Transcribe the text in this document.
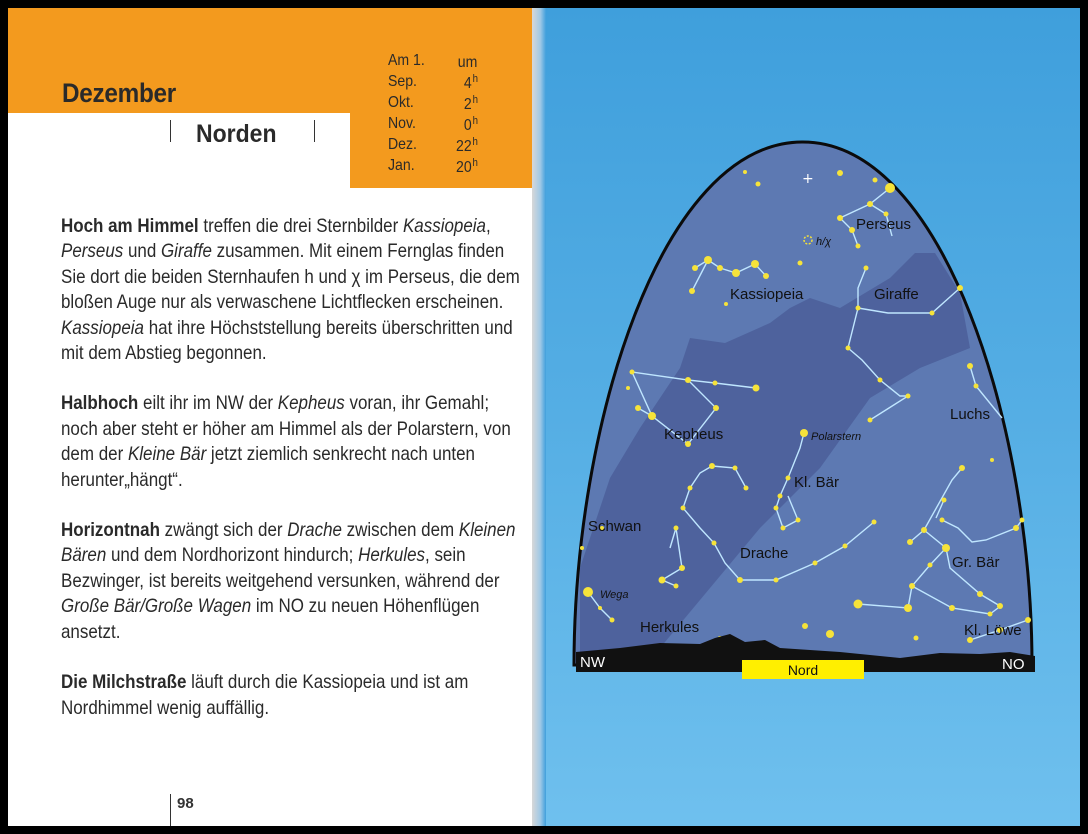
Dezember
Norden
Am 1. um
Sep.	4$^h$
Okt.	2$^h$
Nov.	0$^h$
Dez. 22$^h$
Jan.	20$^h$

Hoch am Himmel treffen die drei Sternbilder Kassiopeia, Perseus und Giraffe zusammen. Mit einem Fernglas finden Sie dort die beiden Sternhaufen h und χ im Perseus, die dem bloßen Auge nur als verwaschene Lichtflecken erscheinen. Kassiopeia hat ihre Höchststellung bereits überschritten und mit dem Abstieg begonnen.

Halbhoch eilt ihr im NW der Kepheus voran, ihr Gemahl; noch aber steht er höher am Himmel als der Polarstern, von dem der Kleine Bär jetzt ziemlich senkrecht nach unten herunter„hängt“.

Horizontnah zwängt sich der Drache zwischen dem Kleinen Bären und dem Nordhorizont hindurch; Herkules, sein Bezwinger, ist bereits weitgehend versunken, während der Große Bär/Große Wagen im NO zu neuen Höhenflügen ansetzt.

Die Milchstraße läuft durch die Kassiopeia und ist am Nordhimmel wenig auffällig.

98
+
Perseus
h/χ
Kassiopeia	Giraffe
Luchs
Kepheus	Polarstern
Kl. Bär
Schwan
Drache
Gr. Bär
Wega
Herkules	Kl. Löwe
NW	NO
Nord
